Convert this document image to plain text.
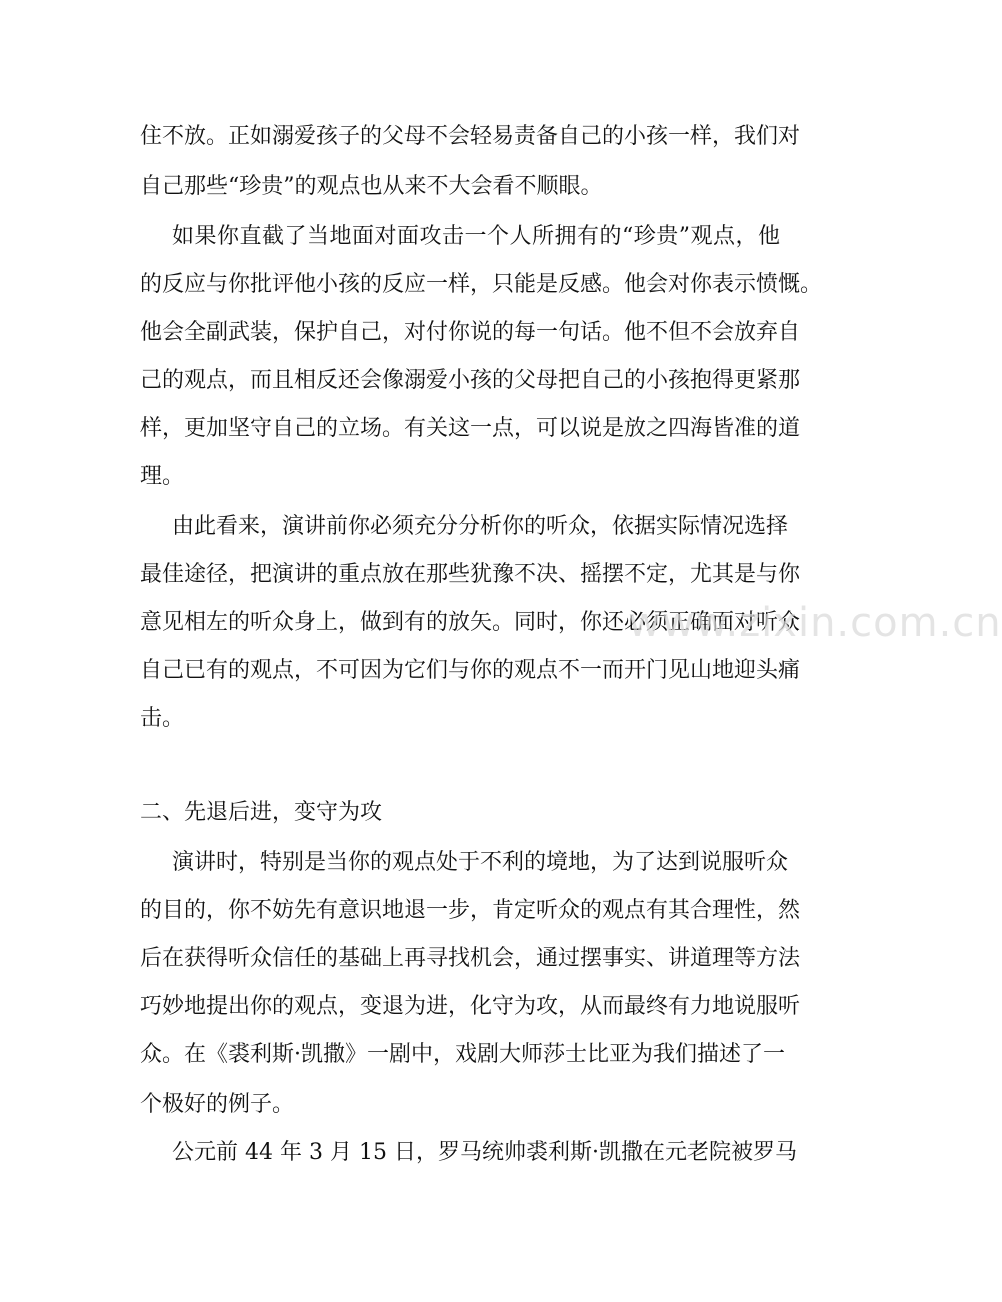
住不放。正如溺爱孩子的父母不会轻易责备自己的小孩一样，我们对
自己那些“珍贵”的观点也从来不大会看不顺眼。
如果你直截了当地面对面攻击一个人所拥有的“珍贵”观点，他
的反应与你批评他小孩的反应一样，只能是反感。他会对你表示愤慨。
他会全副武装，保护自己，对付你说的每一句话。他不但不会放弃自
己的观点，而且相反还会像溺爱小孩的父母把自己的小孩抱得更紧那
样，更加坚守自己的立场。有关这一点，可以说是放之四海皆准的道
理。
由此看来，演讲前你必须充分分析你的听众，依据实际情况选择
最佳途径，把演讲的重点放在那些犹豫不决、摇摆不定，尤其是与你
意见相左的听众身上，做到有的放矢。同时，你还必须正确面对听众
自己已有的观点，不可因为它们与你的观点不一而开门见山地迎头痛
击。
二、先退后进，变守为攻
演讲时，特别是当你的观点处于不利的境地，为了达到说服听众
的目的，你不妨先有意识地退一步，肯定听众的观点有其合理性，然
后在获得听众信任的基础上再寻找机会，通过摆事实、讲道理等方法
巧妙地提出你的观点，变退为进，化守为攻，从而最终有力地说服听
众。在《裘利斯·凯撒》一剧中，戏剧大师莎士比亚为我们描述了一
个极好的例子。
公元前 44 年 3 月 15 日，罗马统帅裘利斯·凯撒在元老院被罗马
www.zixin.com.cn
